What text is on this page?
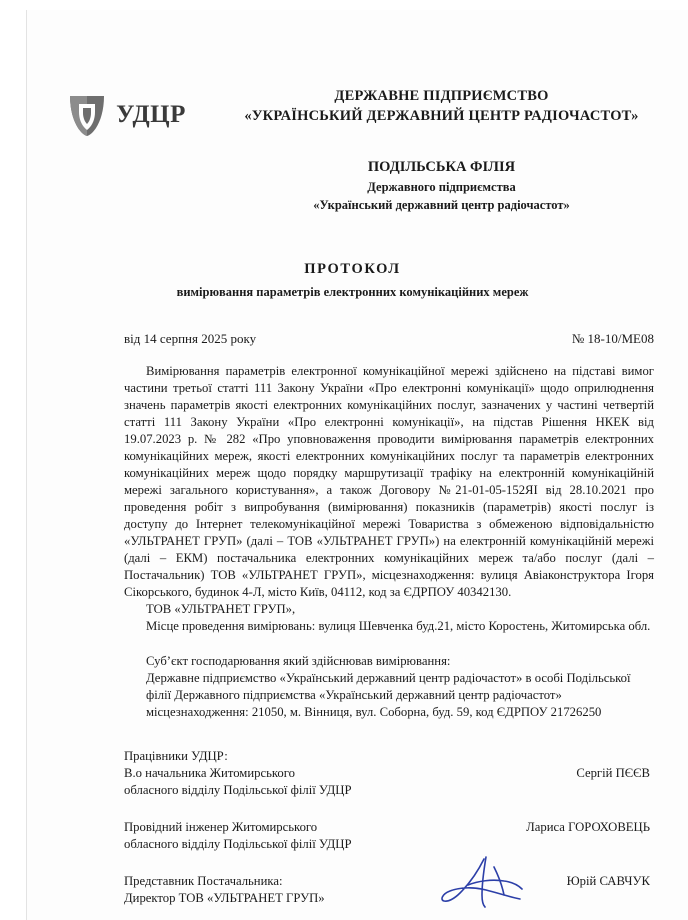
УДЦР
ДЕРЖАВНЕ ПІДПРИЄМСТВО
«УКРАЇНСЬКИЙ ДЕРЖАВНИЙ ЦЕНТР РАДІОЧАСТОТ»
ПОДІЛЬСЬКА ФІЛІЯ
Державного підприємства
«Український державний центр радіочастот»
ПРОТОКОЛ
вимірювання параметрів електронних комунікаційних мереж
від 14 серпня 2025 року	№ 18-10/МЕ08

Вимірювання параметрів електронної комунікаційної мережі здійснено на підставі вимог частини третьої статті 111 Закону України «Про електронні комунікації» щодо оприлюднення значень параметрів якості електронних комунікаційних послуг, зазначених у частині четвертій статті 111 Закону України «Про електронні комунікації», на підстав Рішення НКЕК від 19.07.2023 р. № 282 «Про уповноваження проводити вимірювання параметрів електронних комунікаційних мереж, якості електронних комунікаційних послуг та параметрів електронних комунікаційних мереж щодо порядку маршрутизації трафіку на електронній комунікаційній мережі загального користування», а також Договору №21-01-05-152ЯІ від 28.10.2021 про проведення робіт з випробування (вимірювання) показників (параметрів) якості послуг із доступу до Інтернет телекомунікаційної мережі Товариства з обмеженою відповідальністю «УЛЬТРАНЕТ ГРУП» (далі – ТОВ «УЛЬТРАНЕТ ГРУП») на електронній комунікаційній мережі (далі – ЕКМ) постачальника електронних комунікаційних мереж та/або послуг (далі – Постачальник) ТОВ «УЛЬТРАНЕТ ГРУП», місцезнаходження: вулиця Авіаконструктора Ігоря Сікорського, будинок 4-Л, місто Київ, 04112, код за ЄДРПОУ 40342130.

ТОВ «УЛЬТРАНЕТ ГРУП»,

Місце проведення вимірювань: вулиця Шевченка буд.21, місто Коростень, Житомирська обл.

Суб’єкт господарювання який здійснював вимірювання:

Державне підприємство «Український державний центр радіочастот» в особі Подільської

філії Державного підприємства «Український державний центр радіочастот»

місцезнаходження: 21050, м. Вінниця, вул. Соборна, буд. 59, код ЄДРПОУ 21726250

Працівники УДЦР:
В.о начальника Житомирського
обласного відділу Подільської філії УДЦР
Сергій ПЄЄВ
Провідний інженер Житомирського
обласного відділу Подільської філії УДЦР
Лариса ГОРОХОВЕЦЬ
Представник Постачальника:
Директор ТОВ «УЛЬТРАНЕТ ГРУП»
Юрій САВЧУК
